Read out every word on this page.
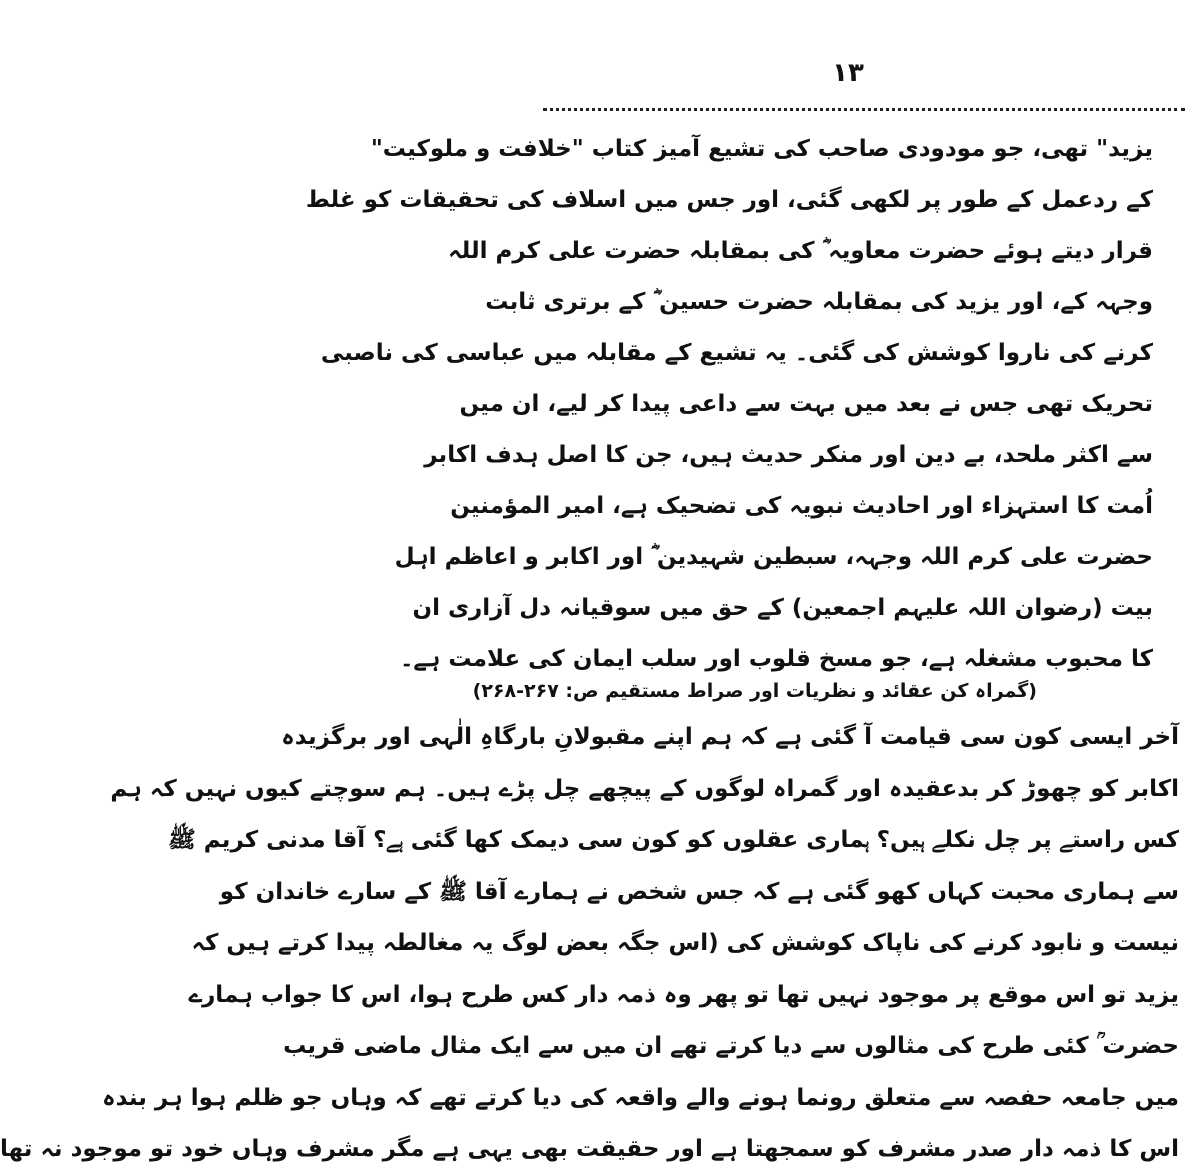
۱۳
یزید" تھی، جو مودودی صاحب کی تشیع آمیز کتاب "خلافت و ملوکیت"
کے ردعمل کے طور پر لکھی گئی، اور جس میں اسلاف کی تحقیقات کو غلط
قرار دیتے ہوئے حضرت معاویہ ؓ کی بمقابلہ حضرت علی کرم اللہ
وجہہ کے، اور یزید کی بمقابلہ حضرت حسین ؓ کے برتری ثابت
کرنے کی ناروا کوشش کی گئی۔ یہ تشیع کے مقابلہ میں عباسی کی ناصبی
تحریک تھی جس نے بعد میں بہت سے داعی پیدا کر لیے، ان میں
سے اکثر ملحد، بے دین اور منکر حدیث ہیں، جن کا اصل ہدف اکابر
اُمت کا استہزاء اور احادیث نبویہ کی تضحیک ہے، امیر المؤمنین
حضرت علی کرم اللہ وجہہ، سبطین شہیدین ؓ اور اکابر و اعاظم اہل
بیت (رضوان اللہ علیہم اجمعین) کے حق میں سوقیانہ دل آزاری ان
کا محبوب مشغلہ ہے، جو مسخ قلوب اور سلب ایمان کی علامت ہے۔
(گمراہ کن عقائد و نظریات اور صراط مستقیم ص: ۲۶۷-۲۶۸)
آخر ایسی کون سی قیامت آ گئی ہے کہ ہم اپنے مقبولانِ بارگاہِ الٰہی اور برگزیدہ
اکابر کو چھوڑ کر بدعقیدہ اور گمراہ لوگوں کے پیچھے چل پڑے ہیں۔ ہم سوچتے کیوں نہیں کہ ہم
کس راستے پر چل نکلے ہیں؟ ہماری عقلوں کو کون سی دیمک کھا گئی ہے؟ آقا مدنی کریم ﷺ
سے ہماری محبت کہاں کھو گئی ہے کہ جس شخص نے ہمارے آقا ﷺ کے سارے خاندان کو
نیست و نابود کرنے کی ناپاک کوشش کی (اس جگہ بعض لوگ یہ مغالطہ پیدا کرتے ہیں کہ
یزید تو اس موقع پر موجود نہیں تھا تو پھر وہ ذمہ دار کس طرح ہوا، اس کا جواب ہمارے
حضرت ؒ کئی طرح کی مثالوں سے دیا کرتے تھے ان میں سے ایک مثال ماضی قریب
میں جامعہ حفصہ سے متعلق رونما ہونے والے واقعہ کی دیا کرتے تھے کہ وہاں جو ظلم ہوا ہر بندہ
اس کا ذمہ دار صدر مشرف کو سمجھتا ہے اور حقیقت بھی یہی ہے مگر مشرف وہاں خود تو موجود نہ تھا
